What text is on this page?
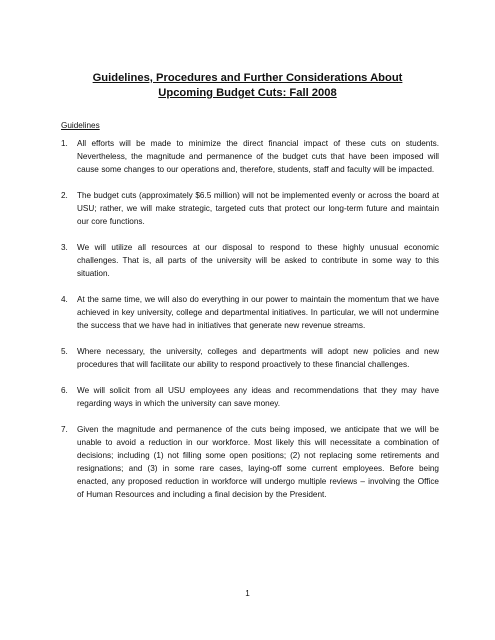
Guidelines, Procedures and Further Considerations About
Upcoming Budget Cuts: Fall 2008
Guidelines
1. All efforts will be made to minimize the direct financial impact of these cuts on students. Nevertheless, the magnitude and permanence of the budget cuts that have been imposed will cause some changes to our operations and, therefore, students, staff and faculty will be impacted.
2. The budget cuts (approximately $6.5 million) will not be implemented evenly or across the board at USU; rather, we will make strategic, targeted cuts that protect our long-term future and maintain our core functions.
3. We will utilize all resources at our disposal to respond to these highly unusual economic challenges. That is, all parts of the university will be asked to contribute in some way to this situation.
4. At the same time, we will also do everything in our power to maintain the momentum that we have achieved in key university, college and departmental initiatives. In particular, we will not undermine the success that we have had in initiatives that generate new revenue streams.
5. Where necessary, the university, colleges and departments will adopt new policies and new procedures that will facilitate our ability to respond proactively to these financial challenges.
6. We will solicit from all USU employees any ideas and recommendations that they may have regarding ways in which the university can save money.
7. Given the magnitude and permanence of the cuts being imposed, we anticipate that we will be unable to avoid a reduction in our workforce. Most likely this will necessitate a combination of decisions; including (1) not filling some open positions; (2) not replacing some retirements and resignations; and (3) in some rare cases, laying-off some current employees. Before being enacted, any proposed reduction in workforce will undergo multiple reviews – involving the Office of Human Resources and including a final decision by the President.
1
